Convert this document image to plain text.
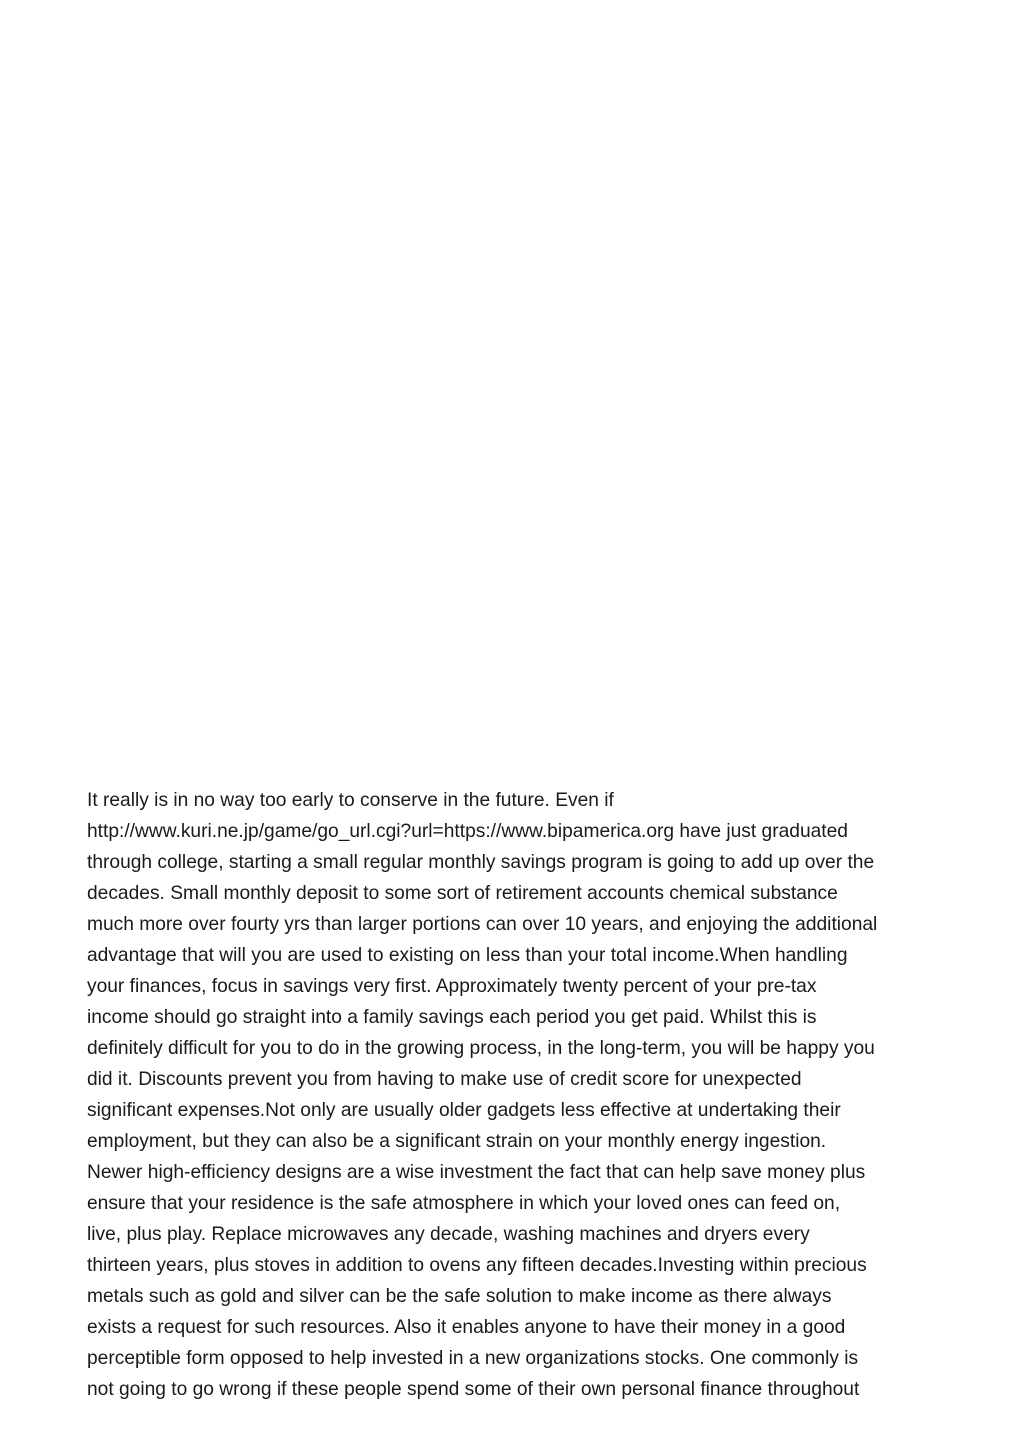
It really is in no way too early to conserve in the future. Even if
http://www.kuri.ne.jp/game/go_url.cgi?url=https://www.bipamerica.org have just graduated
through college, starting a small regular monthly savings program is going to add up over the
decades. Small monthly deposit to some sort of retirement accounts chemical substance
much more over fourty yrs than larger portions can over 10 years, and enjoying the additional
advantage that will you are used to existing on less than your total income.When handling
your finances, focus in savings very first. Approximately twenty percent of your pre-tax
income should go straight into a family savings each period you get paid. Whilst this is
definitely difficult for you to do in the growing process, in the long-term, you will be happy you
did it. Discounts prevent you from having to make use of credit score for unexpected
significant expenses.Not only are usually older gadgets less effective at undertaking their
employment, but they can also be a significant strain on your monthly energy ingestion.
Newer high-efficiency designs are a wise investment the fact that can help save money plus
ensure that your residence is the safe atmosphere in which your loved ones can feed on,
live, plus play. Replace microwaves any decade, washing machines and dryers every
thirteen years, plus stoves in addition to ovens any fifteen decades.Investing within precious
metals such as gold and silver can be the safe solution to make income as there always
exists a request for such resources. Also it enables anyone to have their money in a good
perceptible form opposed to help invested in a new organizations stocks. One commonly is
not going to go wrong if these people spend some of their own personal finance throughout
